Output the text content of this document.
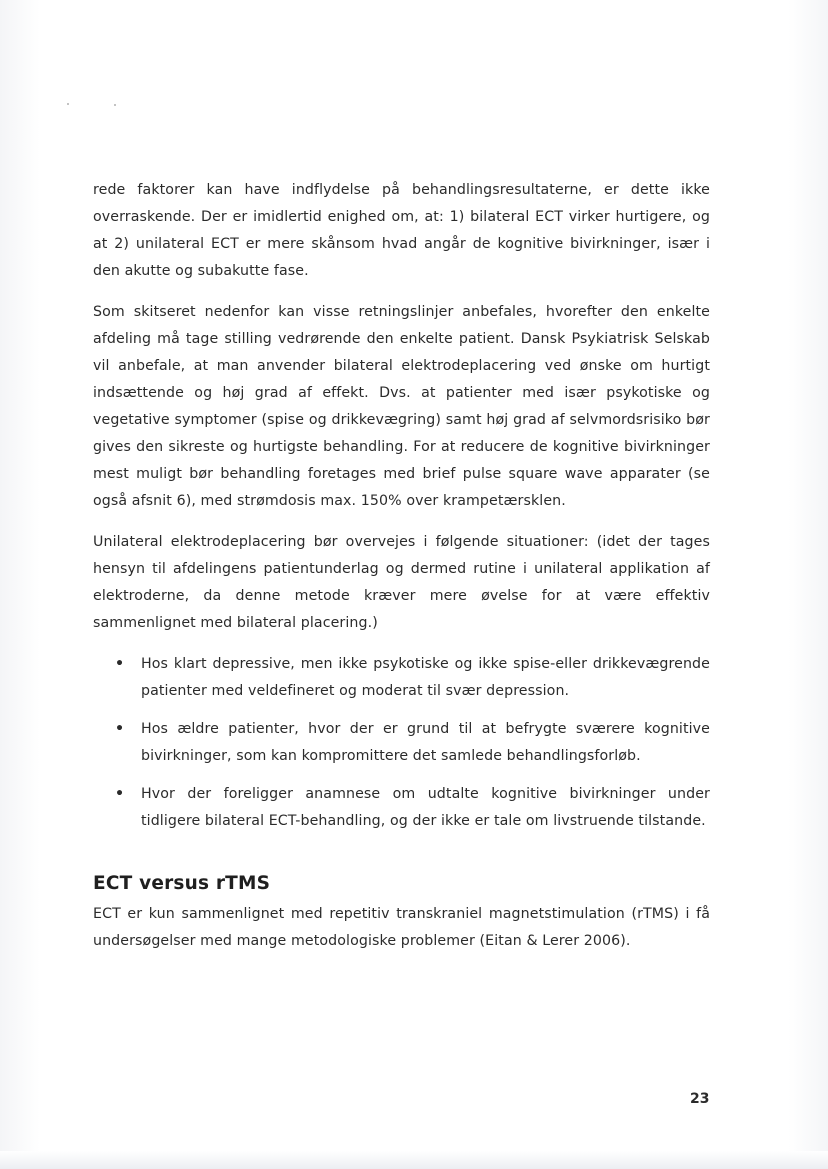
rede faktorer kan have indflydelse på behandlingsresultaterne, er dette ikke overraskende. Der er imidlertid enighed om, at: 1) bilateral ECT virker hurtigere, og at 2) unilateral ECT er mere skånsom hvad angår de kognitive bivirkninger, især i den akutte og subakutte fase.

Som skitseret nedenfor kan visse retningslinjer anbefales, hvorefter den enkelte afdeling må tage stilling vedrørende den enkelte patient. Dansk Psykiatrisk Selskab vil anbefale, at man anvender bilateral elektrodeplacering ved ønske om hurtigt indsættende og høj grad af effekt. Dvs. at patienter med især psykotiske og vegetative symptomer (spise og drikkevægring) samt høj grad af selvmordsrisiko bør gives den sikreste og hurtigste behandling. For at reducere de kognitive bivirkninger mest muligt bør behandling foretages med brief pulse square wave apparater (se også afsnit 6), med strømdosis max. 150% over krampetærsklen.

Unilateral elektrodeplacering bør overvejes i følgende situationer: (idet der tages hensyn til afdelingens patientunderlag og dermed rutine i unilateral applikation af elektroderne, da denne metode kræver mere øvelse for at være effektiv sammenlignet med bilateral placering.)

• Hos klart depressive, men ikke psykotiske og ikke spise-eller drikkevægrende patienter med veldefineret og moderat til svær depression.
• Hos ældre patienter, hvor der er grund til at befrygte sværere kognitive bivirkninger, som kan kompromittere det samlede behandlingsforløb.
• Hvor der foreligger anamnese om udtalte kognitive bivirkninger under tidligere bilateral ECT-behandling, og der ikke er tale om livstruende tilstande.
ECT versus rTMS

ECT er kun sammenlignet med repetitiv transkraniel magnetstimulation (rTMS) i få undersøgelser med mange metodologiske problemer (Eitan & Lerer 2006).

23
